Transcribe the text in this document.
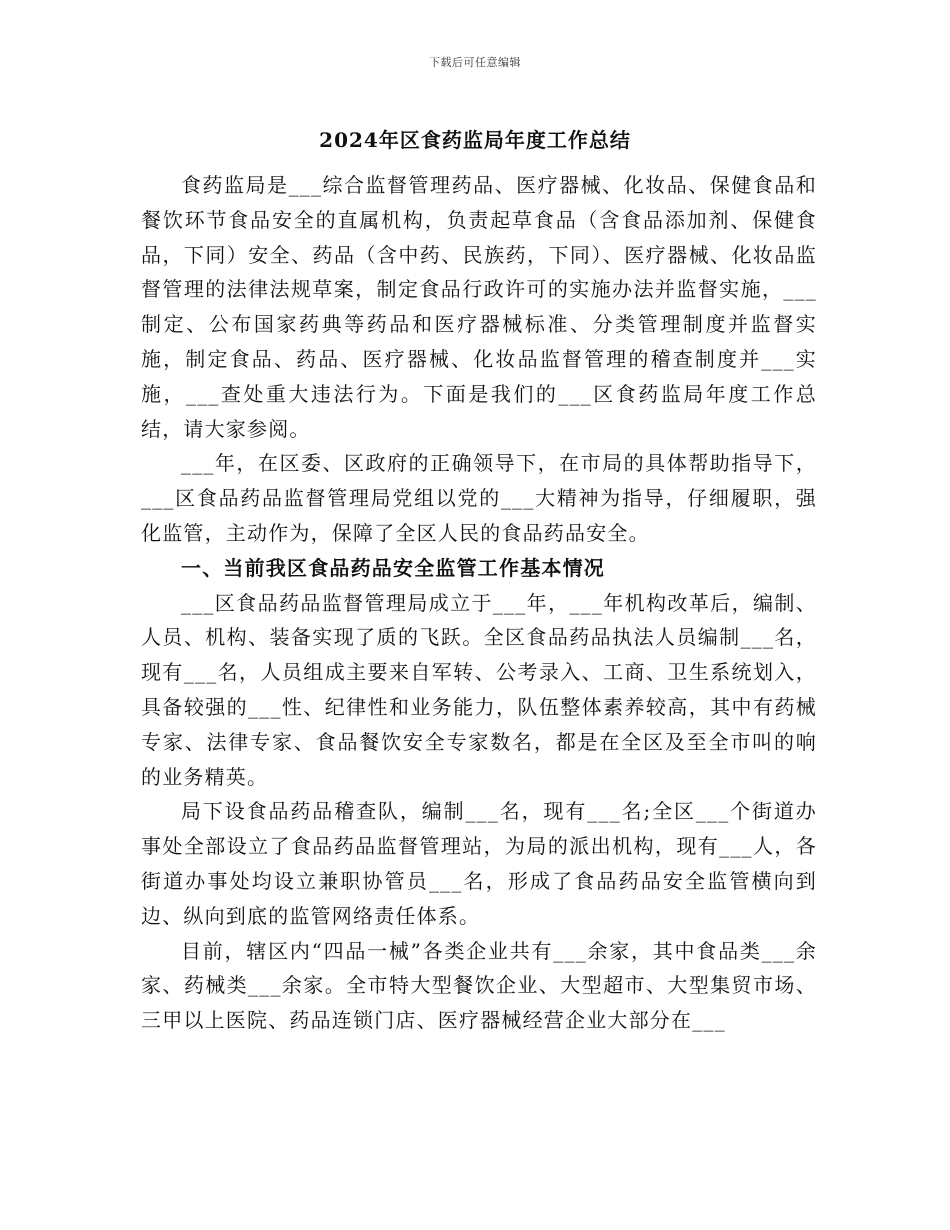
下载后可任意编辑
2024年区食药监局年度工作总结

食药监局是___综合监督管理药品、医疗器械、化妆品、保健食品和餐饮环节食品安全的直属机构，负责起草食品（含食品添加剂、保健食品，下同）安全、药品（含中药、民族药，下同）、医疗器械、化妆品监督管理的法律法规草案，制定食品行政许可的实施办法并监督实施，___制定、公布国家药典等药品和医疗器械标准、分类管理制度并监督实施，制定食品、药品、医疗器械、化妆品监督管理的稽查制度并___实施，___查处重大违法行为。下面是我们的___区食药监局年度工作总结，请大家参阅。

___年，在区委、区政府的正确领导下，在市局的具体帮助指导下，___区食品药品监督管理局党组以党的___大精神为指导，仔细履职，强化监管，主动作为，保障了全区人民的食品药品安全。

一、当前我区食品药品安全监管工作基本情况

___区食品药品监督管理局成立于___年，___年机构改革后，编制、人员、机构、装备实现了质的飞跃。全区食品药品执法人员编制___名，现有___名，人员组成主要来自军转、公考录入、工商、卫生系统划入，具备较强的___性、纪律性和业务能力，队伍整体素养较高，其中有药械专家、法律专家、食品餐饮安全专家数名，都是在全区及至全市叫的响的业务精英。

局下设食品药品稽查队，编制___名，现有___名;全区___个街道办事处全部设立了食品药品监督管理站，为局的派出机构，现有___人，各街道办事处均设立兼职协管员___名，形成了食品药品安全监管横向到边、纵向到底的监管网络责任体系。

目前，辖区内“四品一械”各类企业共有___余家，其中食品类___余家、药械类___余家。全市特大型餐饮企业、大型超市、大型集贸市场、三甲以上医院、药品连锁门店、医疗器械经营企业大部分在___
